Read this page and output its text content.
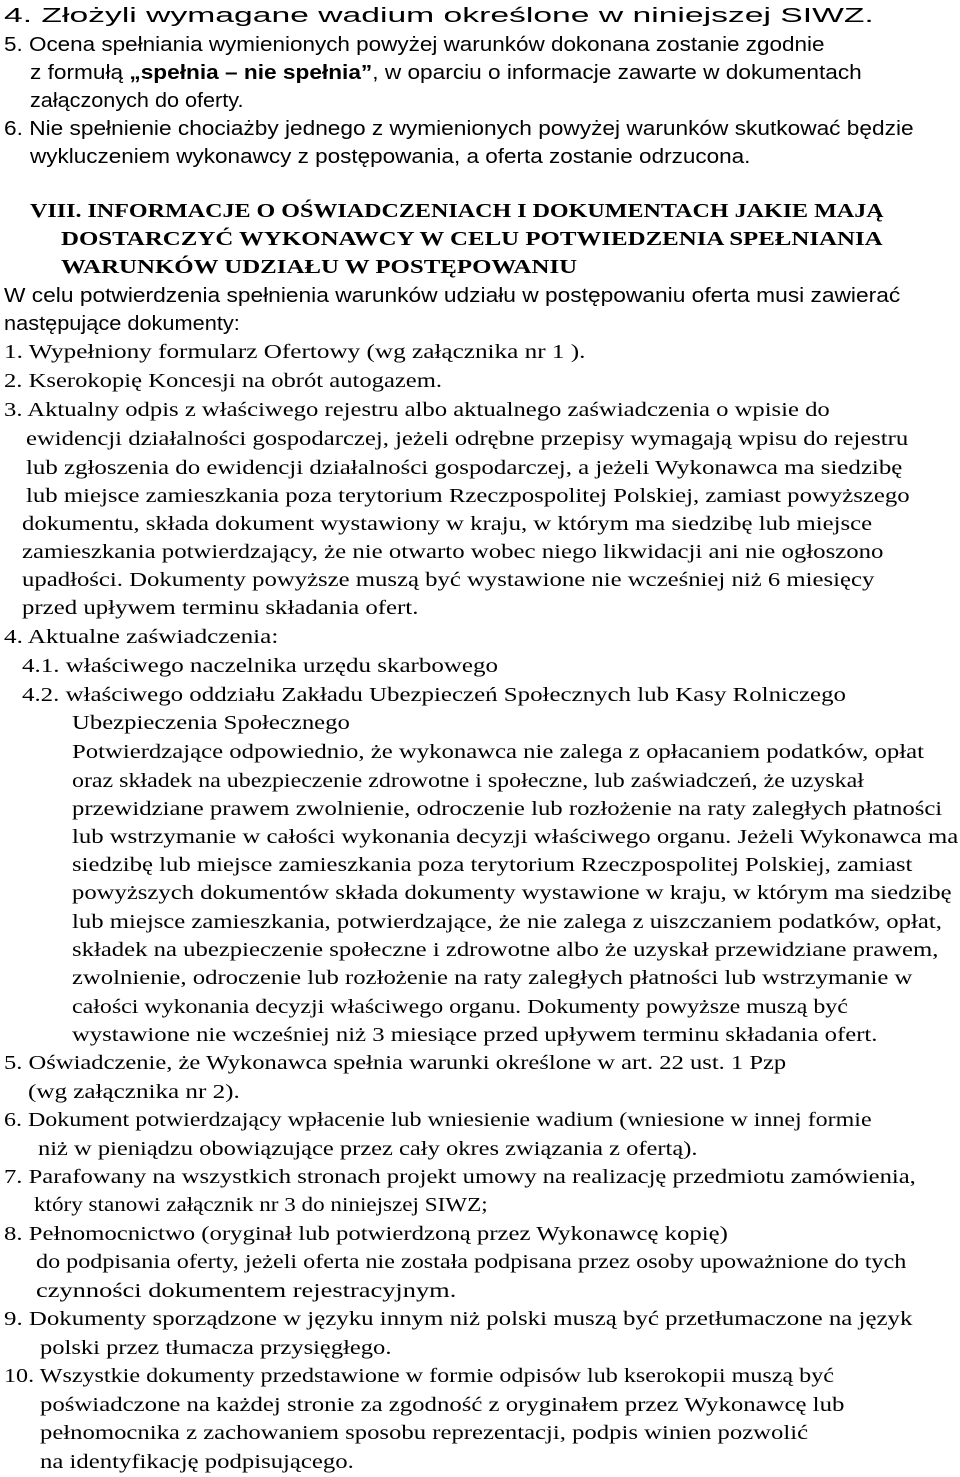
4. Złożyli wymagane wadium określone w niniejszej SIWZ.
5. Ocena spełniania wymienionych powyżej warunków dokonana zostanie zgodnie
z formułą „spełnia – nie spełnia”, w oparciu o informacje zawarte w dokumentach
załączonych do oferty.
6. Nie spełnienie chociażby jednego z wymienionych powyżej warunków skutkować będzie
wykluczeniem wykonawcy z postępowania, a oferta zostanie odrzucona.
VIII. INFORMACJE O OŚWIADCZENIACH I DOKUMENTACH JAKIE MAJĄ
DOSTARCZYĆ WYKONAWCY W CELU POTWIEDZENIA SPEŁNIANIA
WARUNKÓW UDZIAŁU W POSTĘPOWANIU
W celu potwierdzenia spełnienia warunków udziału w postępowaniu oferta musi zawierać
następujące dokumenty:
1. Wypełniony formularz Ofertowy (wg załącznika nr 1 ).
2. Kserokopię Koncesji na obrót autogazem.
3. Aktualny odpis z właściwego rejestru albo aktualnego zaświadczenia o wpisie do
ewidencji działalności gospodarczej, jeżeli odrębne przepisy wymagają wpisu do rejestru
lub zgłoszenia do ewidencji działalności gospodarczej, a jeżeli Wykonawca ma siedzibę
lub miejsce zamieszkania poza terytorium Rzeczpospolitej Polskiej, zamiast powyższego
dokumentu, składa dokument wystawiony w kraju, w którym ma siedzibę lub miejsce
zamieszkania potwierdzający, że nie otwarto wobec niego likwidacji ani nie ogłoszono
upadłości. Dokumenty powyższe muszą być wystawione nie wcześniej niż 6 miesięcy
przed upływem terminu składania ofert.
4. Aktualne zaświadczenia:
4.1. właściwego naczelnika urzędu skarbowego
4.2. właściwego oddziału Zakładu Ubezpieczeń Społecznych lub Kasy Rolniczego
Ubezpieczenia Społecznego
Potwierdzające odpowiednio, że wykonawca nie zalega z opłacaniem podatków, opłat
oraz składek na ubezpieczenie zdrowotne i społeczne, lub zaświadczeń, że uzyskał
przewidziane prawem zwolnienie, odroczenie lub rozłożenie na raty zaległych płatności
lub wstrzymanie w całości wykonania decyzji właściwego organu. Jeżeli Wykonawca ma
siedzibę lub miejsce zamieszkania poza terytorium Rzeczpospolitej Polskiej, zamiast
powyższych dokumentów składa dokumenty wystawione w kraju, w którym ma siedzibę
lub miejsce zamieszkania, potwierdzające, że nie zalega z uiszczaniem podatków, opłat,
składek na ubezpieczenie społeczne i zdrowotne albo że uzyskał przewidziane prawem,
zwolnienie, odroczenie lub rozłożenie na raty zaległych płatności lub wstrzymanie w
całości wykonania decyzji właściwego organu. Dokumenty powyższe muszą być
wystawione nie wcześniej niż 3 miesiące przed upływem terminu składania ofert.
5. Oświadczenie, że Wykonawca spełnia warunki określone w art. 22 ust. 1 Pzp
(wg załącznika nr 2).
6. Dokument potwierdzający wpłacenie lub wniesienie wadium (wniesione w innej formie
niż w pieniądzu obowiązujące przez cały okres związania z ofertą).
7. Parafowany na wszystkich stronach projekt umowy na realizację przedmiotu zamówienia,
który stanowi załącznik nr 3 do niniejszej SIWZ;
8. Pełnomocnictwo (oryginał lub potwierdzoną przez Wykonawcę kopię)
do podpisania oferty, jeżeli oferta nie została podpisana przez osoby upoważnione do tych
czynności dokumentem rejestracyjnym.
9. Dokumenty sporządzone w języku innym niż polski muszą być przetłumaczone na język
polski przez tłumacza przysięgłego.
10. Wszystkie dokumenty przedstawione w formie odpisów lub kserokopii muszą być
poświadczone na każdej stronie za zgodność z oryginałem przez Wykonawcę lub
pełnomocnika z zachowaniem sposobu reprezentacji, podpis winien pozwolić
na identyfikację podpisującego.
